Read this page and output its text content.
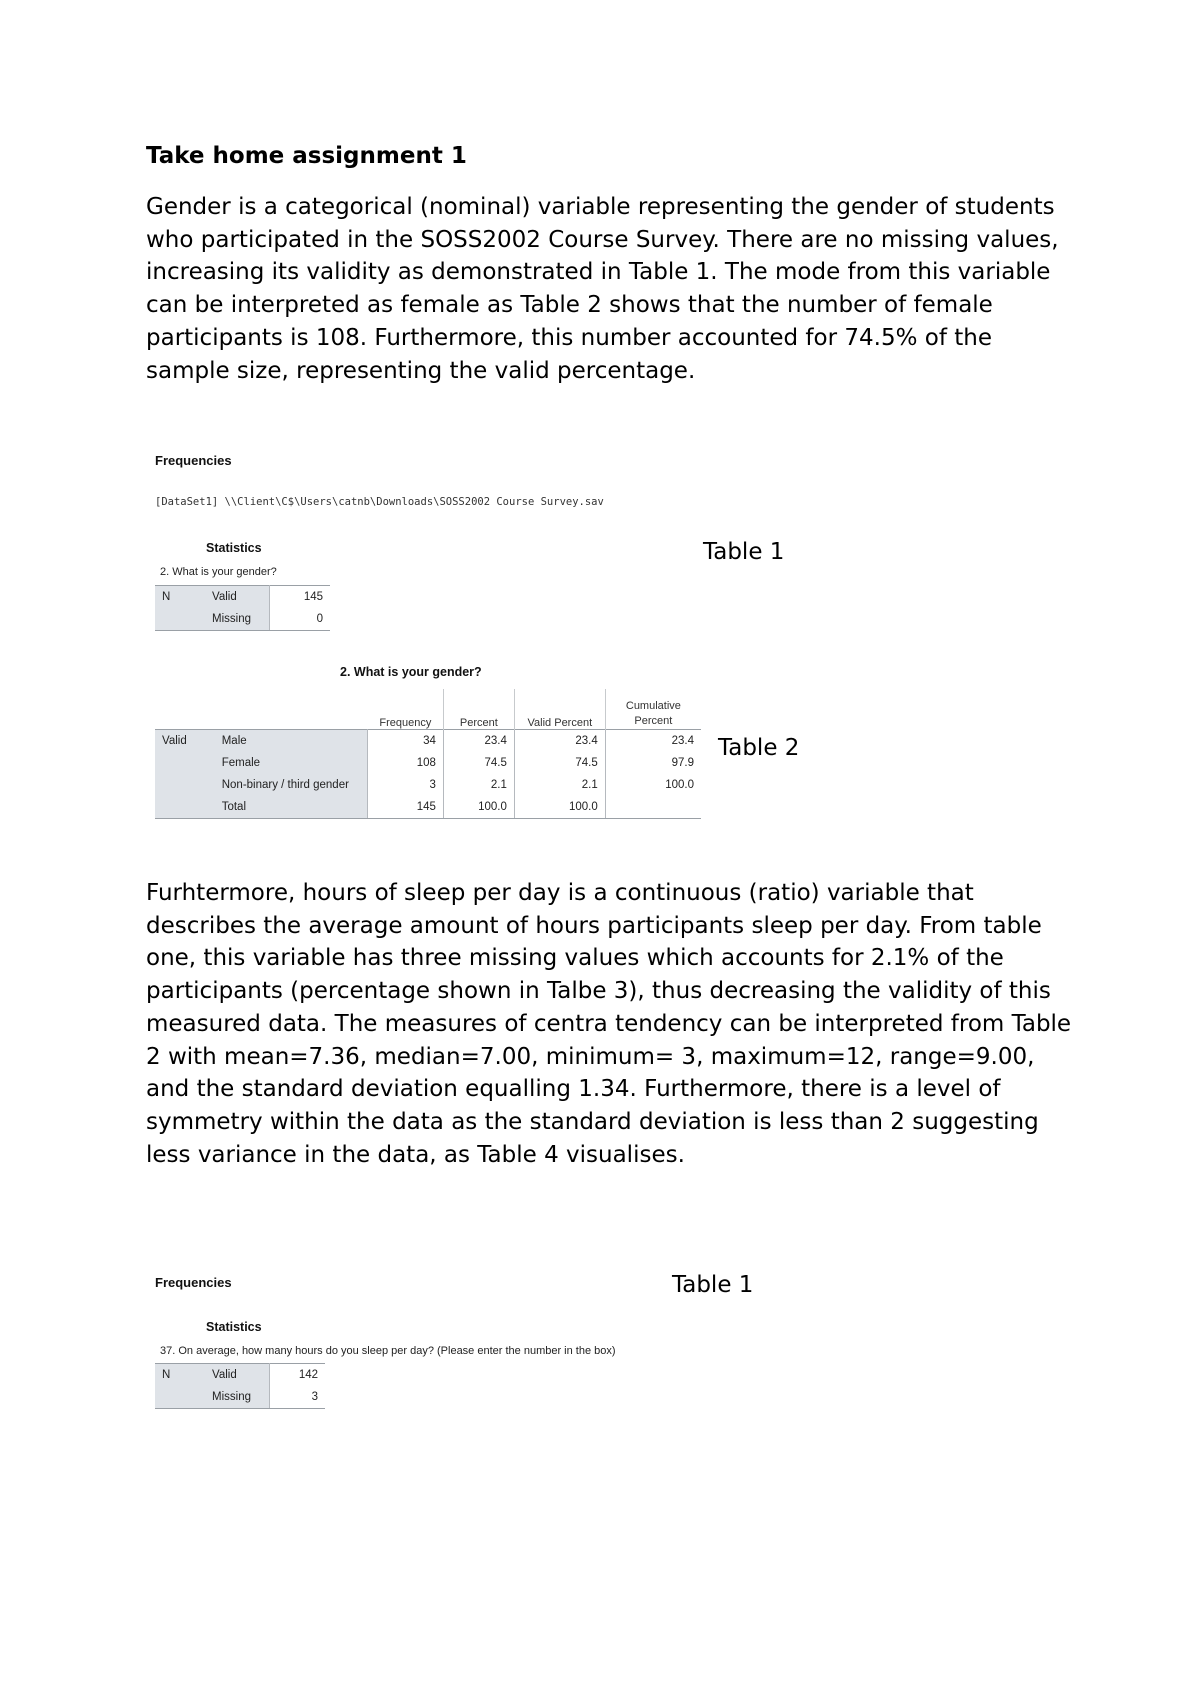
Take home assignment 1

Gender is a categorical (nominal) variable representing the gender of students who participated in the SOSS2002 Course Survey. There are no missing values, increasing its validity as demonstrated in Table 1. The mode from this variable can be interpreted as female as Table 2 shows that the number of female participants is 108. Furthermore, this number accounted for 74.5% of the sample size, representing the valid percentage.

Frequencies
[DataSet1] \\Client\C$\Users\catnb\Downloads\SOSS2002 Course Survey.sav
Statistics
2. What is your gender?
N	Valid	145
	Missing	0
Table 1
2. What is your gender?
		Frequency	Percent	Valid Percent	Cumulative Percent
Valid	Male	34	23.4	23.4	23.4
	Female	108	74.5	74.5	97.9
	Non-binary / third gender	3	2.1	2.1	100.0
	Total	145	100.0	100.0	
Table 2

Furhtermore, hours of sleep per day is a continuous (ratio) variable that describes the average amount of hours participants sleep per day. From table one, this variable has three missing values which accounts for 2.1% of the participants (percentage shown in Talbe 3), thus decreasing the validity of this measured data. The measures of centra tendency can be interpreted from Table 2 with mean=7.36, median=7.00, minimum= 3, maximum=12, range=9.00, and the standard deviation equalling 1.34. Furthermore, there is a level of symmetry within the data as the standard deviation is less than 2 suggesting less variance in the data, as Table 4 visualises.

Frequencies
Statistics
37. On average, how many hours do you sleep per day? (Please enter the number in the box)
N	Valid	142
	Missing	3
Table 1
